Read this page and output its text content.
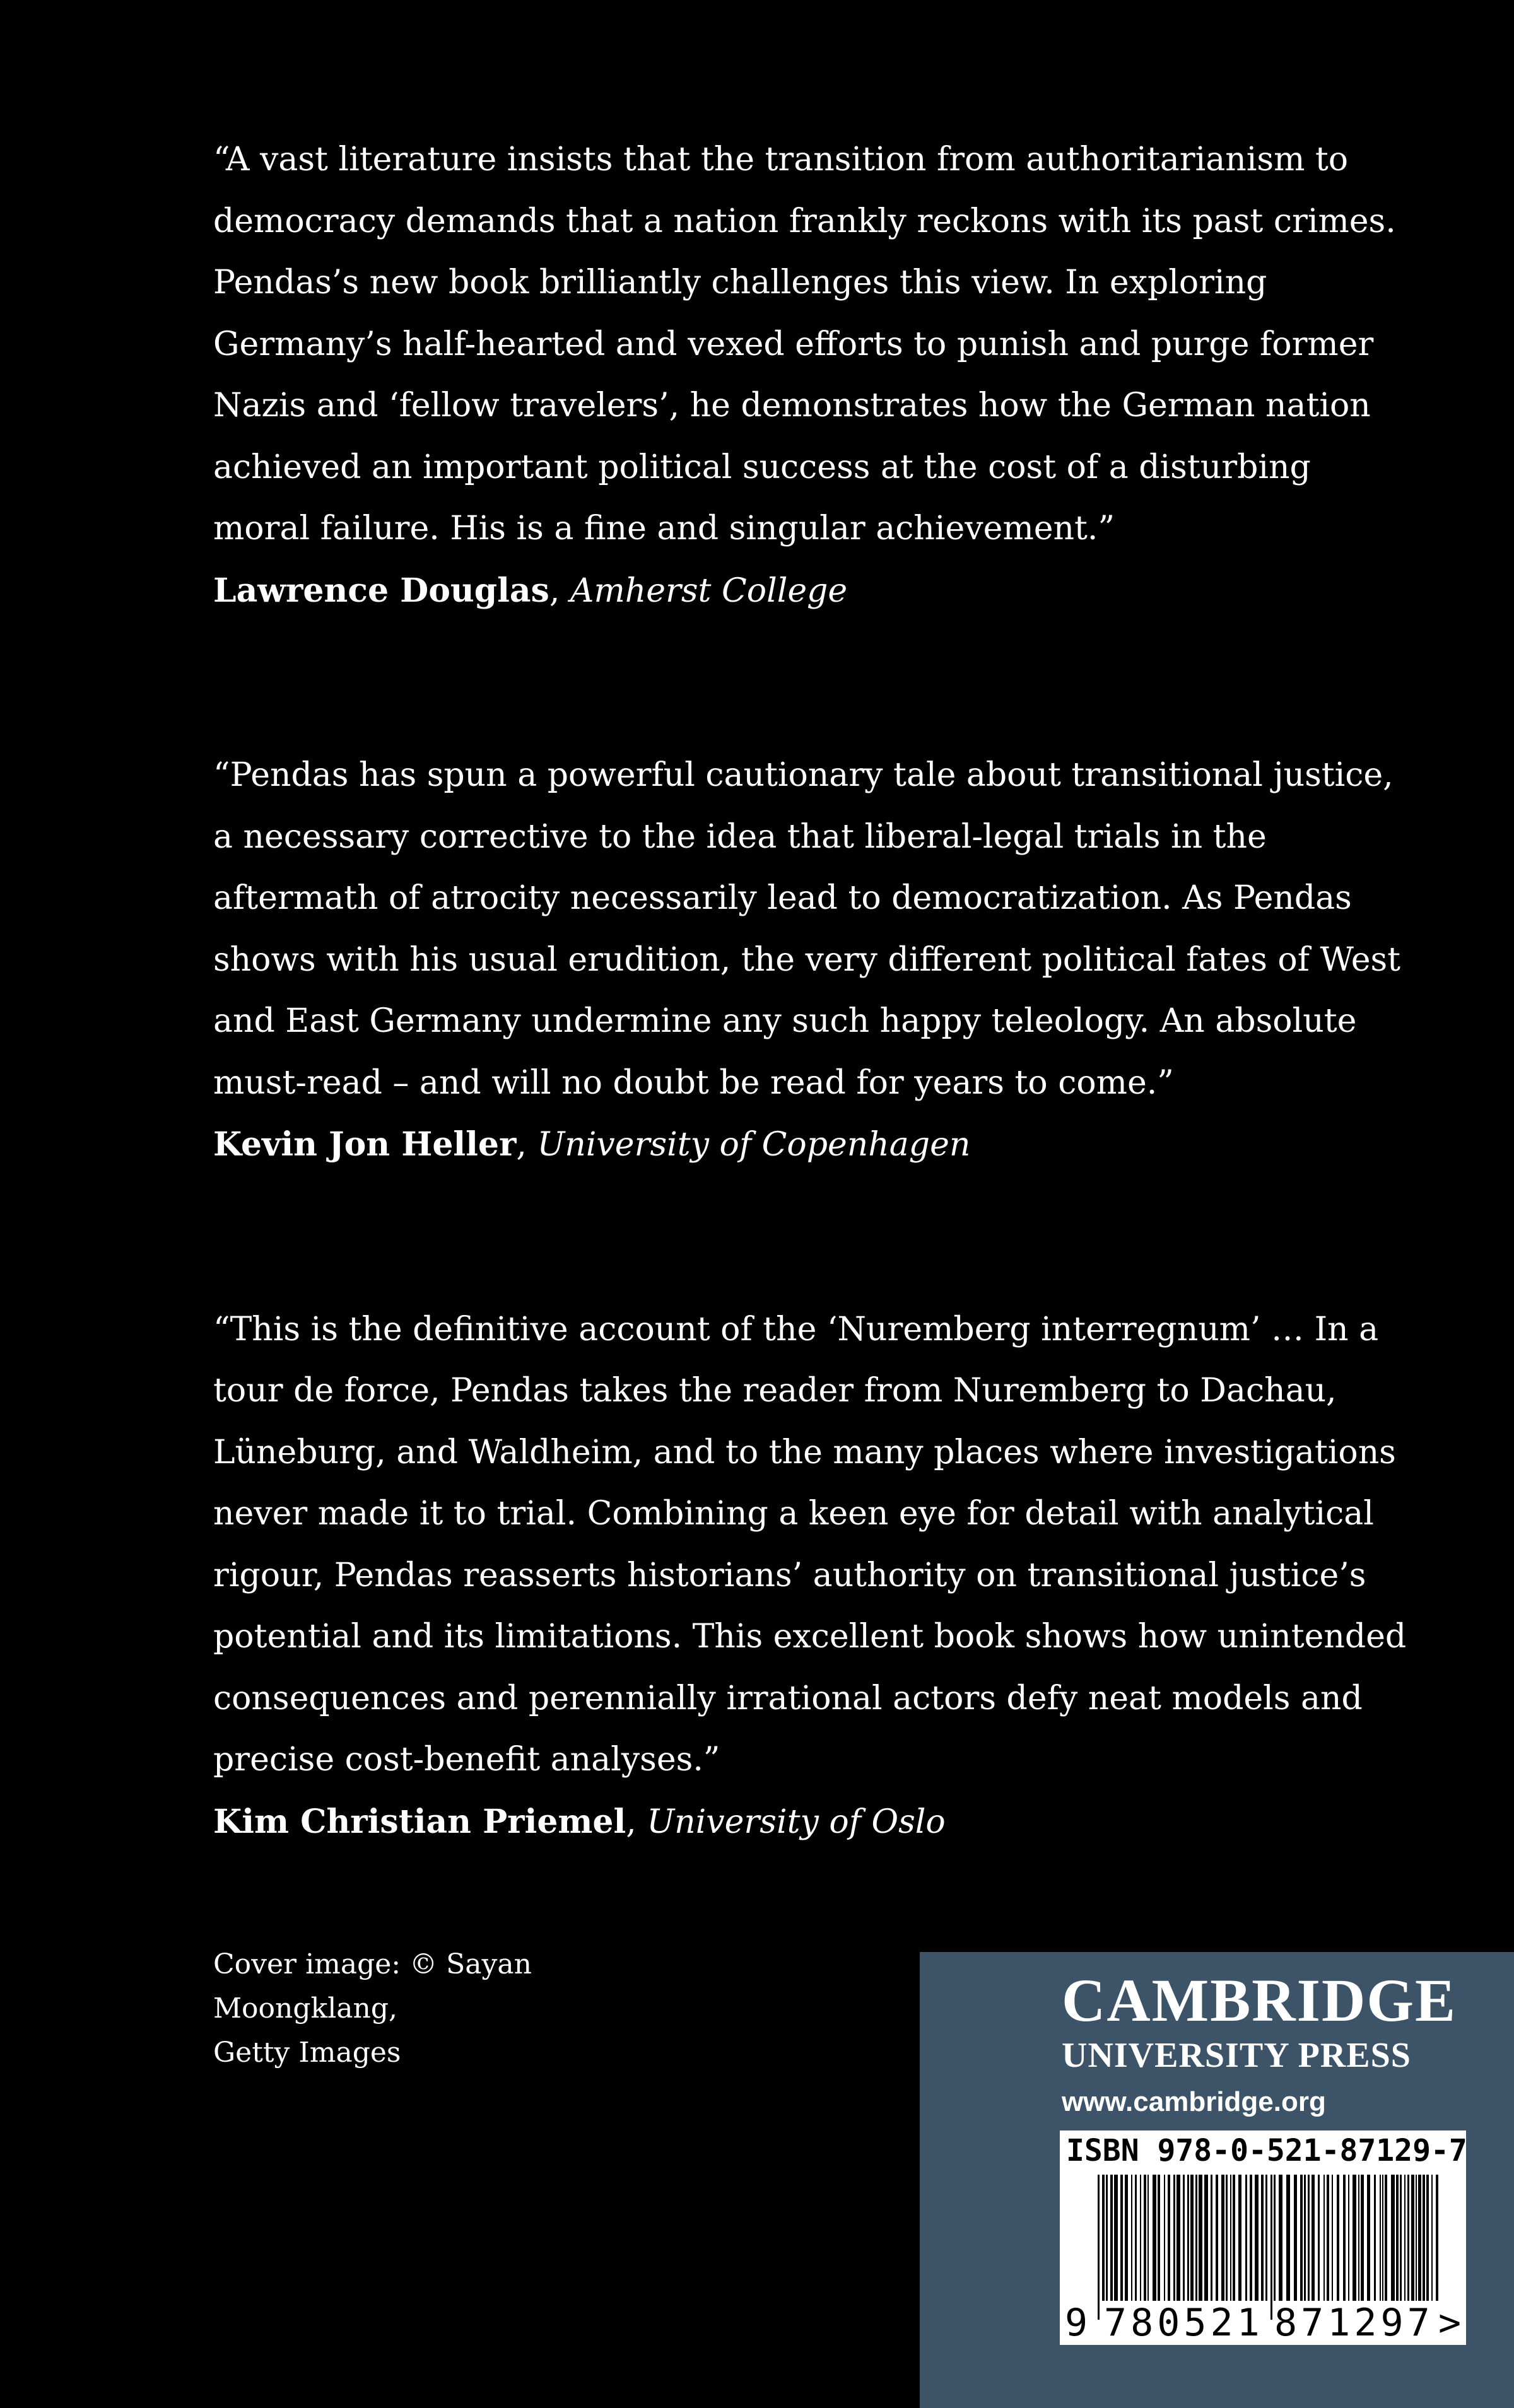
“A vast literature insists that the transition from authoritarianism to democracy demands that a nation frankly reckons with its past crimes. Pendas’s new book brilliantly challenges this view. In exploring Germany’s half-hearted and vexed efforts to punish and purge former Nazis and ‘fellow travelers’, he demonstrates how the German nation achieved an important political success at the cost of a disturbing moral failure. His is a fine and singular achievement.”

Lawrence Douglas, Amherst College

“Pendas has spun a powerful cautionary tale about transitional justice, a necessary corrective to the idea that liberal-legal trials in the aftermath of atrocity necessarily lead to democratization. As Pendas shows with his usual erudition, the very different political fates of West and East Germany undermine any such happy teleology. An absolute must-read – and will no doubt be read for years to come.”

Kevin Jon Heller, University of Copenhagen

“This is the definitive account of the ‘Nuremberg interregnum’ … In a tour de force, Pendas takes the reader from Nuremberg to Dachau, Lüneburg, and Waldheim, and to the many places where investigations never made it to trial. Combining a keen eye for detail with analytical rigour, Pendas reasserts historians’ authority on transitional justice’s potential and its limitations. This excellent book shows how unintended consequences and perennially irrational actors defy neat models and precise cost-benefit analyses.”

Kim Christian Priemel, University of Oslo

Cover image: © Sayan Moongklang,
Getty Images
CAMBRIDGE
UNIVERSITY PRESS
www.cambridge.org
ISBN 978-0-521-87129-7
9 780521 871297 >
